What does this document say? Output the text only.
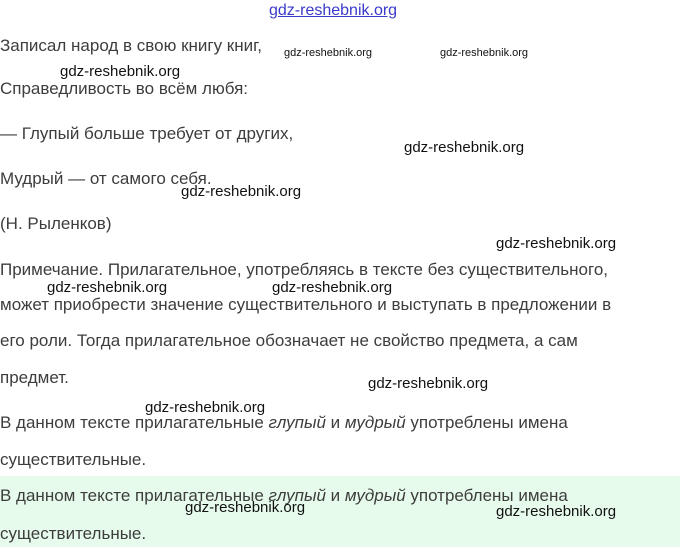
gdz-reshebnik.org
Записал народ в свою книгу книг,
Справедливость во всём любя:
— Глупый больше требует от других,
Мудрый — от самого себя.
(Н. Рыленков)
Примечание. Прилагательное, употребляясь в тексте без существительного,
может приобрести значение существительного и выступать в предложении в
его роли. Тогда прилагательное обозначает не свойство предмета, а сам
предмет.
В данном тексте прилагательные глупый и мудрый употреблены имена
существительные.
В данном тексте прилагательные глупый и мудрый употреблены имена
существительные.
gdz-reshebnik.org	gdz-reshebnik.org
gdz-reshebnik.org
gdz-reshebnik.org
gdz-reshebnik.org
gdz-reshebnik.org
gdz-reshebnik.org	gdz-reshebnik.org
gdz-reshebnik.org
gdz-reshebnik.org
gdz-reshebnik.org	gdz-reshebnik.org
